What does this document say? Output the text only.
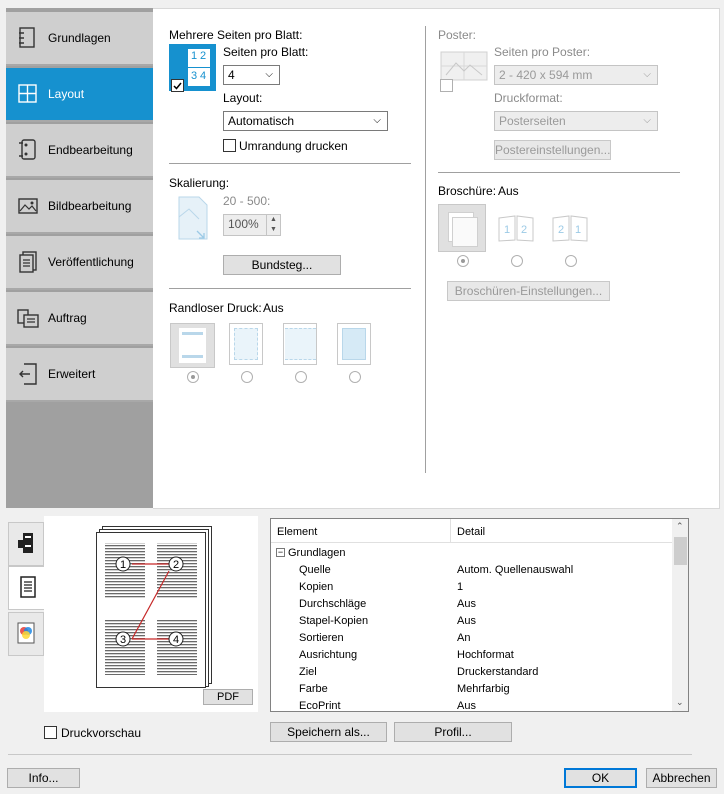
Grundlagen
Layout
Endbearbeitung
Bildbearbeitung
Veröffentlichung
Auftrag
Erweitert
Mehrere Seiten pro Blatt:
1 2
3 4
Seiten pro Blatt:
4	⌵
Layout:
Automatisch	⌵
Umrandung drucken
Skalierung:
20 - 500:
100%	▲
▼
Bundsteg...
Randloser Druck: Aus
Poster:
Seiten pro Poster:
2 - 420 x 594 mm	⌵
Druckformat:
Posterseiten	⌵
Postereinstellungen...
Broschüre: Aus
1 2	2 1
Broschüren-Einstellungen...
1	2
3	4
PDF
Druckvorschau
Element	Detail
− Grundlagen
Quelle	Autom. Quellenauswahl
Kopien	1
Durchschläge	Aus
Stapel-Kopien	Aus
Sortieren	An
Ausrichtung	Hochformat
Ziel	Druckerstandard
Farbe	Mehrfarbig
EcoPrint	Aus
⌃
⌄
Speichern als...	Profil...
Info...	OK	Abbrechen
